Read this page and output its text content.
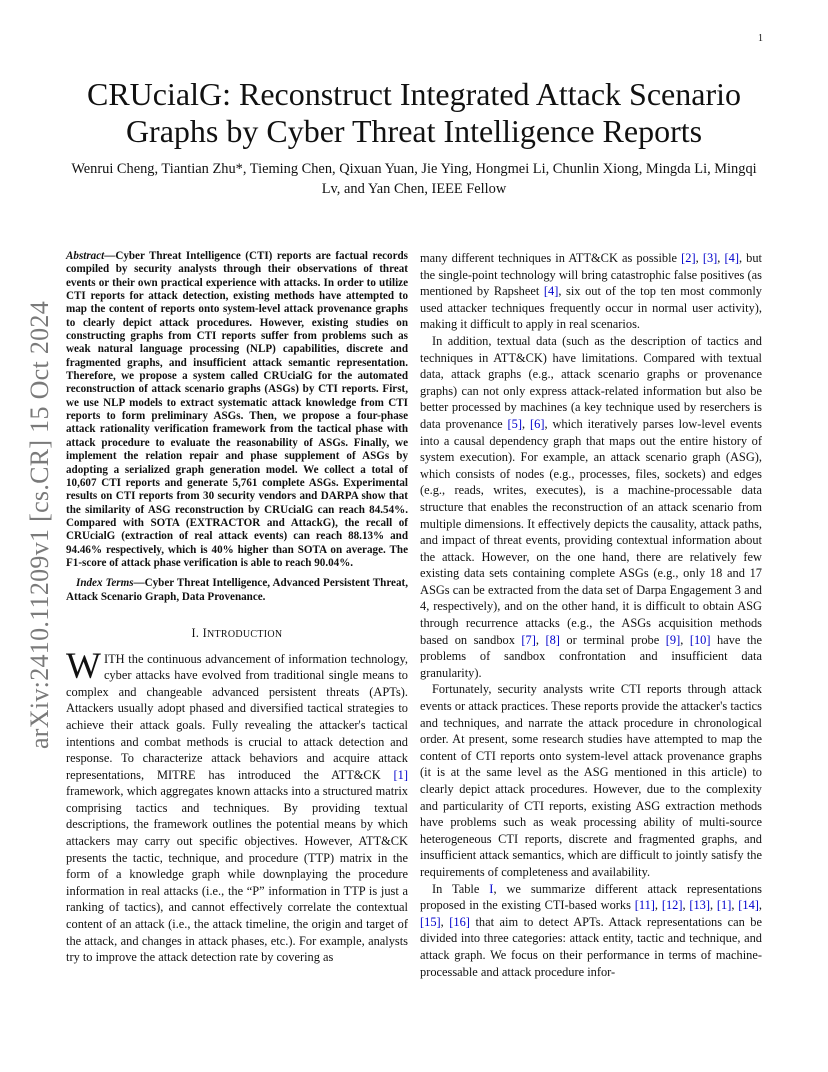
1
arXiv:2410.11209v1 [cs.CR] 15 Oct 2024
CRUcialG: Reconstruct Integrated Attack Scenario Graphs by Cyber Threat Intelligence Reports
Wenrui Cheng, Tiantian Zhu*, Tieming Chen, Qixuan Yuan, Jie Ying, Hongmei Li, Chunlin Xiong, Mingda Li, Mingqi Lv, and Yan Chen, IEEE Fellow

Abstract—Cyber Threat Intelligence (CTI) reports are factual records compiled by security analysts through their observations of threat events or their own practical experience with attacks. In order to utilize CTI reports for attack detection, existing methods have attempted to map the content of reports onto system-level attack provenance graphs to clearly depict attack procedures. However, existing studies on constructing graphs from CTI reports suffer from problems such as weak natural language processing (NLP) capabilities, discrete and fragmented graphs, and insufficient attack semantic representation. Therefore, we propose a system called CRUcialG for the automated reconstruction of attack scenario graphs (ASGs) by CTI reports. First, we use NLP models to extract systematic attack knowledge from CTI reports to form preliminary ASGs. Then, we propose a four-phase attack rationality verification framework from the tactical phase with attack procedure to evaluate the reasonability of ASGs. Finally, we implement the relation repair and phase supplement of ASGs by adopting a serialized graph generation model. We collect a total of 10,607 CTI reports and generate 5,761 complete ASGs. Experimental results on CTI reports from 30 security vendors and DARPA show that the similarity of ASG reconstruction by CRUcialG can reach 84.54%. Compared with SOTA (EXTRACTOR and AttackG), the recall of CRUcialG (extraction of real attack events) can reach 88.13% and 94.46% respectively, which is 40% higher than SOTA on average. The F1-score of attack phase verification is able to reach 90.04%.

Index Terms—Cyber Threat Intelligence, Advanced Persistent Threat, Attack Scenario Graph, Data Provenance.

I. INTRODUCTION

WITH the continuous advancement of information technology, cyber attacks have evolved from traditional single means to complex and changeable advanced persistent threats (APTs). Attackers usually adopt phased and diversified tactical strategies to achieve their attack goals. Fully revealing the attacker's tactical intentions and combat methods is crucial to attack detection and response. To characterize attack behaviors and acquire attack representations, MITRE has introduced the ATT&CK [1] framework, which aggregates known attacks into a structured matrix comprising tactics and techniques. By providing textual descriptions, the framework outlines the potential means by which attackers may carry out specific objectives. However, ATT&CK presents the tactic, technique, and procedure (TTP) matrix in the form of a knowledge graph while downplaying the procedure information in real attacks (i.e., the “P” information in TTP is just a ranking of tactics), and cannot effectively correlate the contextual content of an attack (i.e., the attack timeline, the origin and target of the attack, and changes in attack phases, etc.). For example, analysts try to improve the attack detection rate by covering as

many different techniques in ATT&CK as possible [2], [3], [4], but the single-point technology will bring catastrophic false positives (as mentioned by Rapsheet [4], six out of the top ten most commonly used attacker techniques frequently occur in normal user activity), making it difficult to apply in real scenarios.

In addition, textual data (such as the description of tactics and techniques in ATT&CK) have limitations. Compared with textual data, attack graphs (e.g., attack scenario graphs or provenance graphs) can not only express attack-related information but also be better processed by machines (a key technique used by reserchers is data provenance [5], [6], which iteratively parses low-level events into a causal dependency graph that maps out the entire history of system execution). For example, an attack scenario graph (ASG), which consists of nodes (e.g., processes, files, sockets) and edges (e.g., reads, writes, executes), is a machine-processable data structure that enables the reconstruction of an attack scenario from multiple dimensions. It effectively depicts the causality, attack paths, and impact of threat events, providing contextual information about the attack. However, on the one hand, there are relatively few existing data sets containing complete ASGs (e.g., only 18 and 17 ASGs can be extracted from the data set of Darpa Engagement 3 and 4, respectively), and on the other hand, it is difficult to obtain ASG through recurrence attacks (e.g., the ASGs acquisition methods based on sandbox [7], [8] or terminal probe [9], [10] have the problems of sandbox confrontation and insufficient data granularity).

Fortunately, security analysts write CTI reports through attack events or attack practices. These reports provide the attacker's tactics and techniques, and narrate the attack procedure in chronological order. At present, some research studies have attempted to map the content of CTI reports onto system-level attack provenance graphs (it is at the same level as the ASG mentioned in this article) to clearly depict attack procedures. However, due to the complexity and particularity of CTI reports, existing ASG extraction methods have problems such as weak processing ability of multi-source heterogeneous CTI reports, discrete and fragmented graphs, and insufficient attack semantics, which are difficult to jointly satisfy the requirements of completeness and availability.

In Table I, we summarize different attack representations proposed in the existing CTI-based works [11], [12], [13], [1], [14], [15], [16] that aim to detect APTs. Attack representations can be divided into three categories: attack entity, tactic and technique, and attack graph. We focus on their performance in terms of machine-processable and attack procedure infor-
